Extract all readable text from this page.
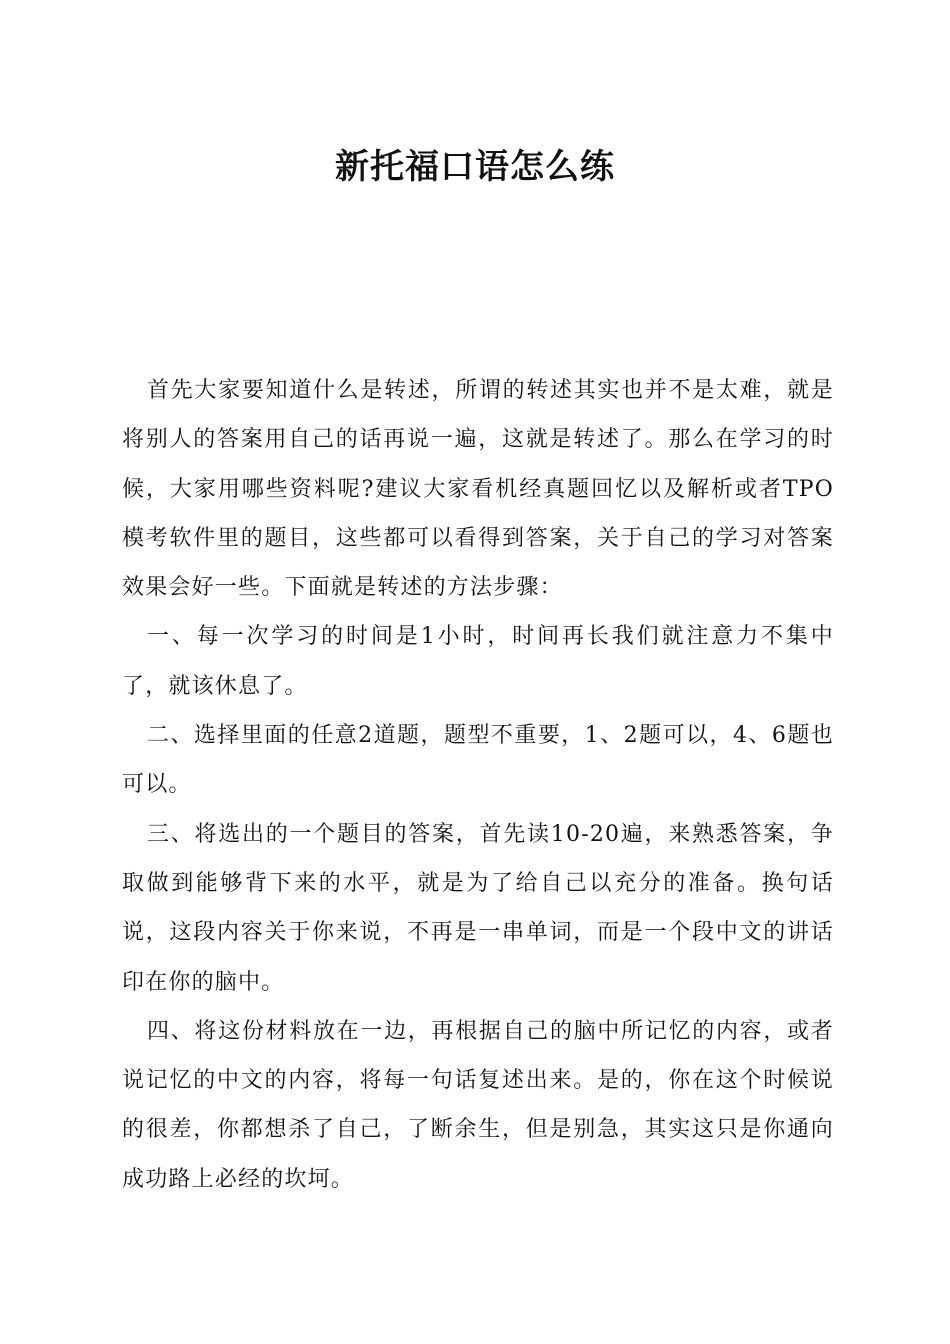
新托福口语怎么练

首先大家要知道什么是转述，所谓的转述其实也并不是太难，就是将别人的答案用自己的话再说一遍，这就是转述了。那么在学习的时候，大家用哪些资料呢?建议大家看机经真题回忆以及解析或者TPO模考软件里的题目，这些都可以看得到答案，关于自己的学习对答案效果会好一些。下面就是转述的方法步骤：

一、每一次学习的时间是1小时，时间再长我们就注意力不集中了，就该休息了。

二、选择里面的任意2道题，题型不重要，1、2题可以，4、6题也可以。

三、将选出的一个题目的答案，首先读10-20遍，来熟悉答案，争取做到能够背下来的水平，就是为了给自己以充分的准备。换句话说，这段内容关于你来说，不再是一串单词，而是一个段中文的讲话印在你的脑中。

四、将这份材料放在一边，再根据自己的脑中所记忆的内容，或者说记忆的中文的内容，将每一句话复述出来。是的，你在这个时候说的很差，你都想杀了自己，了断余生，但是别急，其实这只是你通向成功路上必经的坎坷。
